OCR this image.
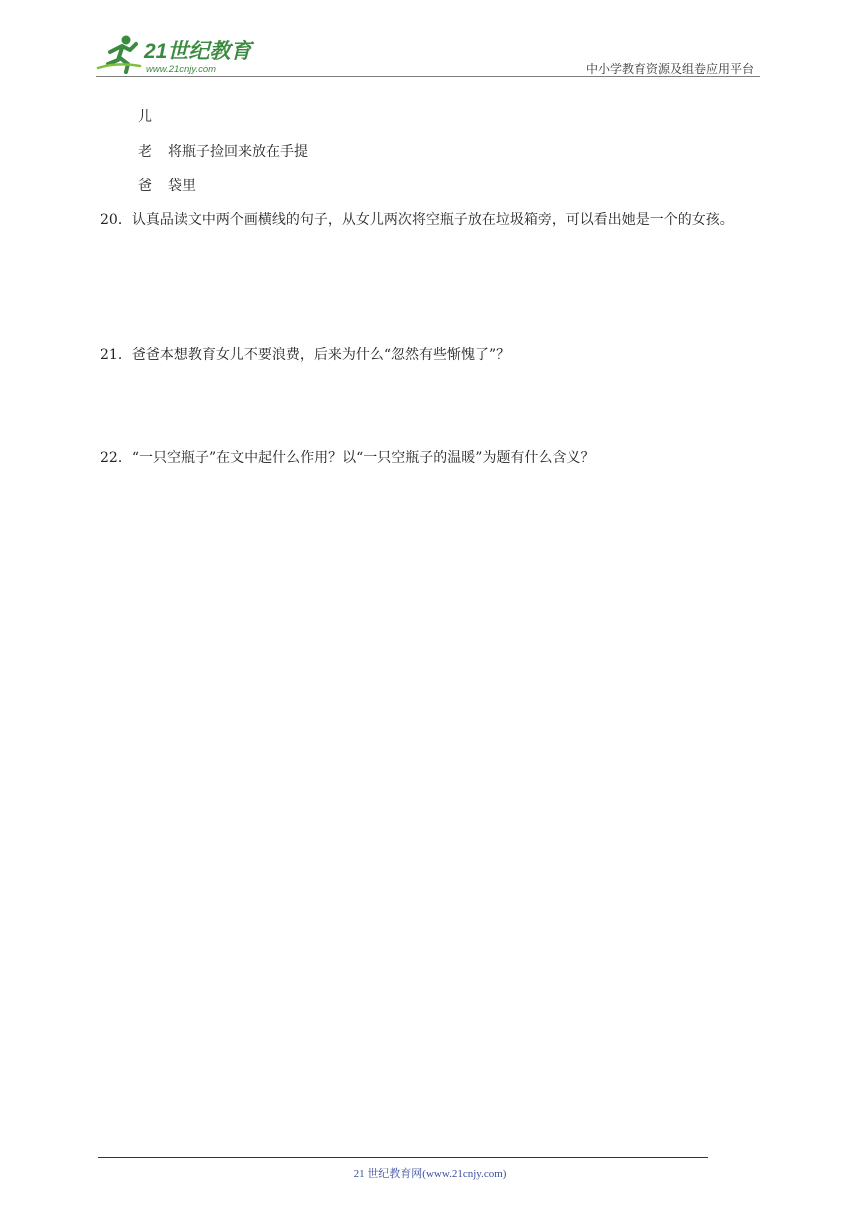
21世纪教育
www.21cnjy.com	中小学教育资源及组卷应用平台
儿
老 将瓶子捡回来放在手提
爸 袋里
20．认真品读文中两个画横线的句子，从女儿两次将空瓶子放在垃圾箱旁，可以看出她是一个的女孩。
21．爸爸本想教育女儿不要浪费，后来为什么“忽然有些惭愧了”？
22．“一只空瓶子”在文中起什么作用？以“一只空瓶子的温暖”为题有什么含义？
21 世纪教育网(www.21cnjy.com)
